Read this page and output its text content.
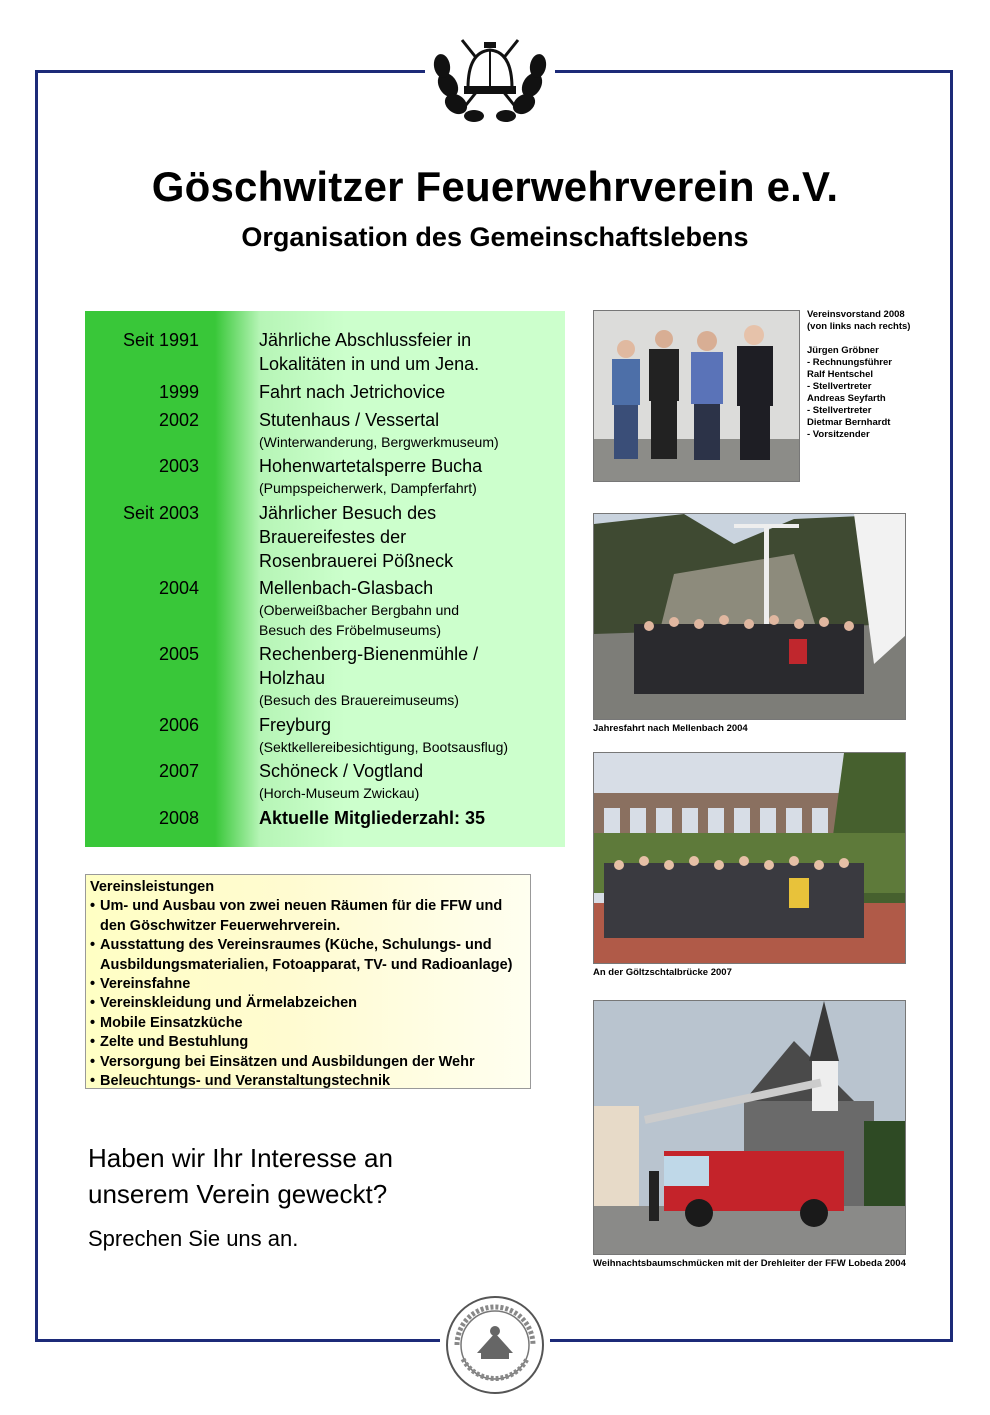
Göschwitzer Feuerwehrverein e.V.
Organisation des Gemeinschaftslebens
Seit 1991	Jährliche Abschlussfeier in
Lokalitäten in und um Jena.
1999	Fahrt nach Jetrichovice
2002	Stutenhaus / Vessertal
(Winterwanderung, Bergwerkmuseum)
2003	Hohenwartetalsperre Bucha
(Pumpspeicherwerk, Dampferfahrt)
Seit 2003	Jährlicher Besuch des
Brauereifestes der
Rosenbrauerei Pößneck
2004	Mellenbach-Glasbach
(Oberweißbacher Bergbahn und
Besuch des Fröbelmuseums)
2005	Rechenberg-Bienenmühle /
Holzhau
(Besuch des Brauereimuseums)
2006	Freyburg
(Sektkellereibesichtigung, Bootsausflug)
2007	Schöneck / Vogtland
(Horch-Museum Zwickau)
2008	Aktuelle Mitgliederzahl: 35
Vereinsleistungen
• Um- und Ausbau von zwei neuen Räumen für die FFW und den Göschwitzer Feuerwehrverein.
• Ausstattung des Vereinsraumes (Küche, Schulungs- und Ausbildungsmaterialien, Fotoapparat, TV- und Radioanlage)
• Vereinsfahne
• Vereinskleidung und Ärmelabzeichen
• Mobile Einsatzküche
• Zelte und Bestuhlung
• Versorgung bei Einsätzen und Ausbildungen der Wehr
• Beleuchtungs- und Veranstaltungstechnik
Haben wir Ihr Interesse an
unserem Verein geweckt?
Sprechen Sie uns an.
Vereinsvorstand 2008
(von links nach rechts)
Jürgen Gröbner
- Rechnungsführer
Ralf Hentschel
- Stellvertreter
Andreas Seyfarth
- Stellvertreter
Dietmar Bernhardt
- Vorsitzender
Jahresfahrt nach Mellenbach 2004
An der Göltzschtalbrücke 2007
Weihnachtsbaumschmücken mit der Drehleiter der FFW Lobeda 2004
